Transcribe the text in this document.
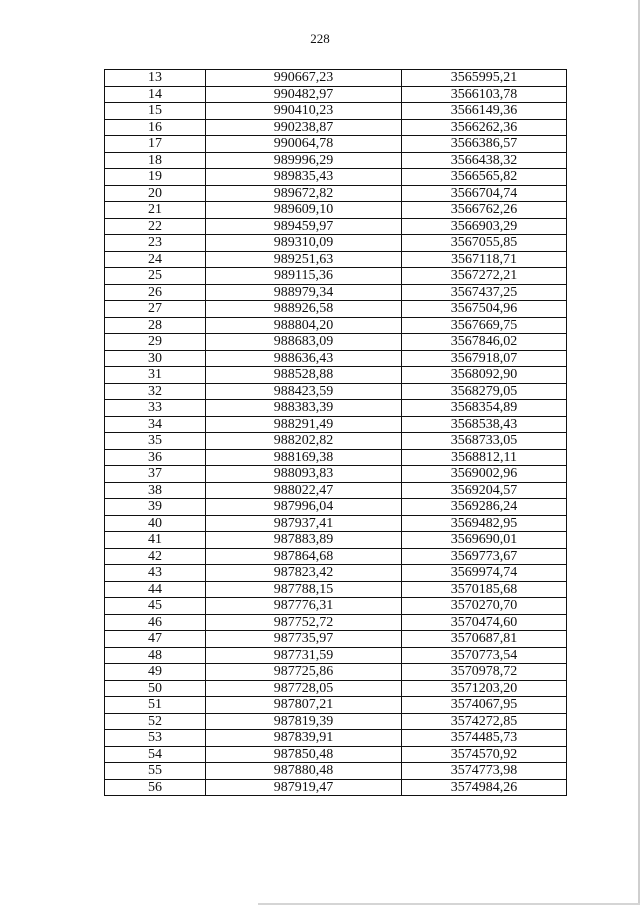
228
13	990667,23	3565995,21
14	990482,97	3566103,78
15	990410,23	3566149,36
16	990238,87	3566262,36
17	990064,78	3566386,57
18	989996,29	3566438,32
19	989835,43	3566565,82
20	989672,82	3566704,74
21	989609,10	3566762,26
22	989459,97	3566903,29
23	989310,09	3567055,85
24	989251,63	3567118,71
25	989115,36	3567272,21
26	988979,34	3567437,25
27	988926,58	3567504,96
28	988804,20	3567669,75
29	988683,09	3567846,02
30	988636,43	3567918,07
31	988528,88	3568092,90
32	988423,59	3568279,05
33	988383,39	3568354,89
34	988291,49	3568538,43
35	988202,82	3568733,05
36	988169,38	3568812,11
37	988093,83	3569002,96
38	988022,47	3569204,57
39	987996,04	3569286,24
40	987937,41	3569482,95
41	987883,89	3569690,01
42	987864,68	3569773,67
43	987823,42	3569974,74
44	987788,15	3570185,68
45	987776,31	3570270,70
46	987752,72	3570474,60
47	987735,97	3570687,81
48	987731,59	3570773,54
49	987725,86	3570978,72
50	987728,05	3571203,20
51	987807,21	3574067,95
52	987819,39	3574272,85
53	987839,91	3574485,73
54	987850,48	3574570,92
55	987880,48	3574773,98
56	987919,47	3574984,26
